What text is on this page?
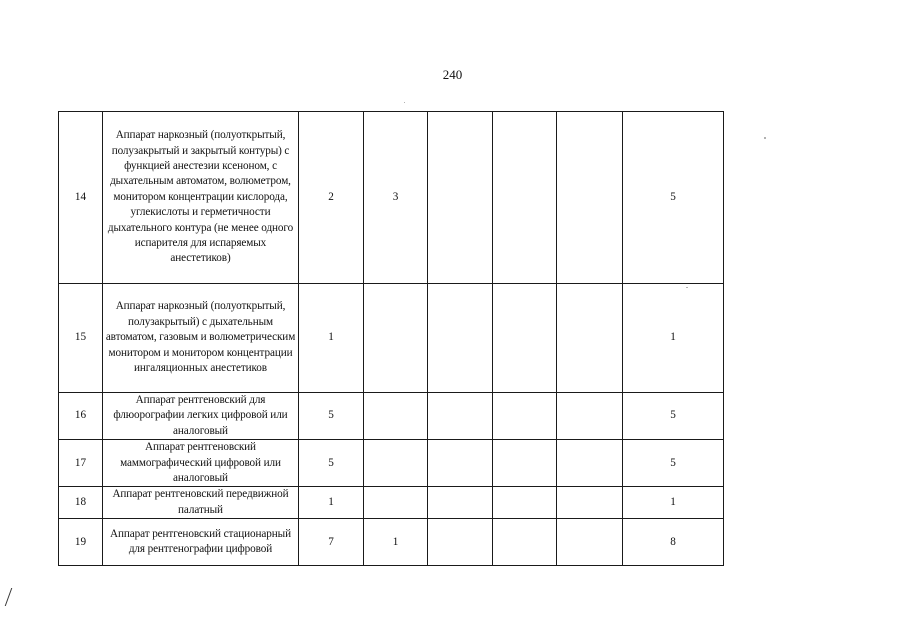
240
14	Аппарат наркозный (полуоткрытый, полузакрытый и закрытый контуры) с функцией анестезии ксеноном, с дыхательным автоматом, волюметром, монитором концентрации кислорода, углекислоты и герметичности дыхательного контура (не менее одного испарителя для испаряемых анестетиков)	2	3				5
15	Аппарат наркозный (полуоткрытый, полузакрытый) с дыхательным автоматом, газовым и волюметрическим монитором и монитором концентрации ингаляционных анестетиков	1					1
16	Аппарат рентгеновский для флюорографии легких цифровой или аналоговый	5					5
17	Аппарат рентгеновский маммографический цифровой или аналоговый	5					5
18	Аппарат рентгеновский передвижной палатный	1					1
19	Аппарат рентгеновский стационарный для рентгенографии цифровой	7	1				8
